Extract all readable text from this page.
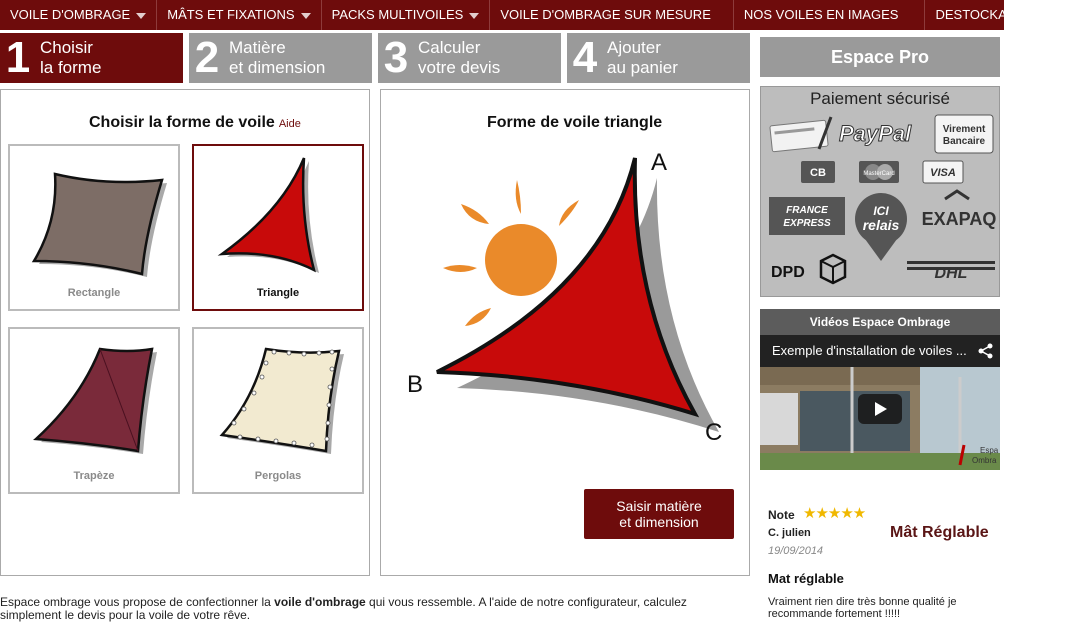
VOILE D'OMBRAGE	MÂTS ET FIXATIONS	PACKS MULTIVOILES	VOILE D'OMBRAGE SUR MESURE	NOS VOILES EN IMAGES	DESTOCKAGE
1 Choisir
la forme 2 Matière
et dimension 3 Calculer
votre devis 4 Ajouter
au panier
Choisir la forme de voile Aide
Rectangle	Triangle
Trapèze	Pergolas
Forme de voile triangle
A
B
C
Saisir matière
et dimension
Espace ombrage vous propose de confectionner la voile d'ombrage qui vous ressemble. A l'aide de notre configurateur, calculez simplement le devis pour la voile de votre rêve.
Espace Pro
Paiement sécurisé
PayPal	Virement
Bancaire
CB	MasterCard	VISA
FRANCE
EXPRESS
ICI
relais EXAPAQ
DPD	DHL
Vidéos Espace Ombrage
Exemple d'installation de voiles ...
Espa
Ombra
Note ★★★★★
C. julien
19/09/2014
Mât Réglable
Mat réglable
Vraiment rien dire très bonne qualité je recommande fortement !!!!!
